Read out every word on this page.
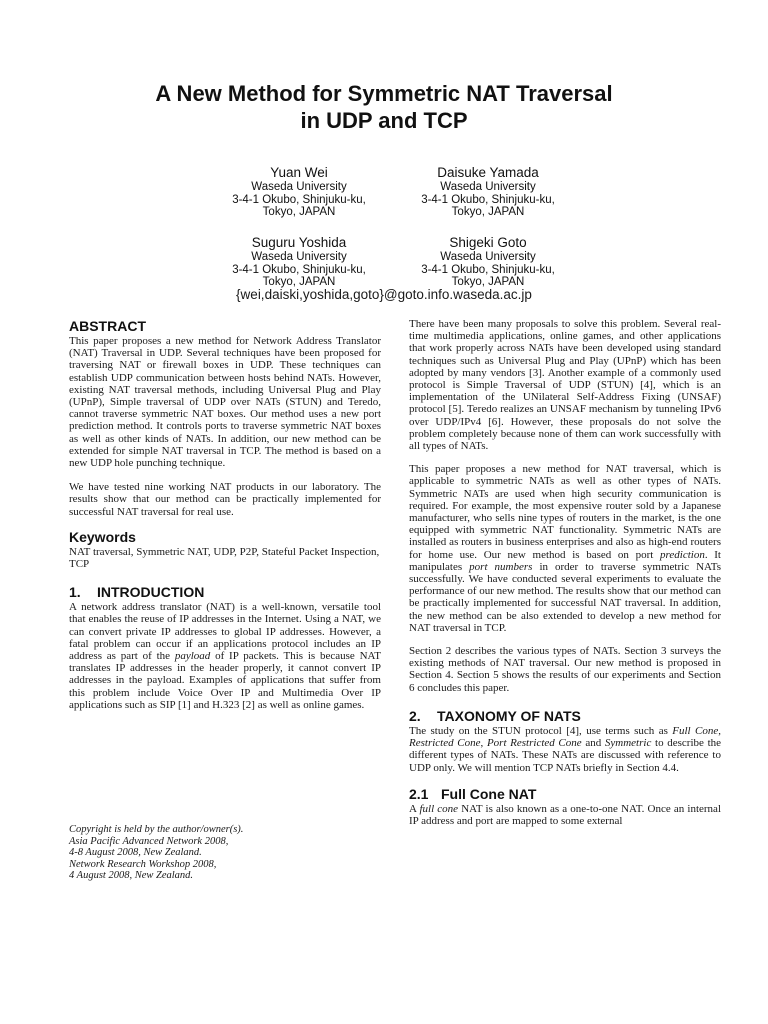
A New Method for Symmetric NAT Traversal
in UDP and TCP
Yuan Wei
Waseda University
3-4-1 Okubo, Shinjuku-ku,
Tokyo, JAPAN
Daisuke Yamada
Waseda University
3-4-1 Okubo, Shinjuku-ku,
Tokyo, JAPAN
Suguru Yoshida
Waseda University
3-4-1 Okubo, Shinjuku-ku,
Tokyo, JAPAN
Shigeki Goto
Waseda University
3-4-1 Okubo, Shinjuku-ku,
Tokyo, JAPAN
{wei,daiski,yoshida,goto}@goto.info.waseda.ac.jp
ABSTRACT

This paper proposes a new method for Network Address Translator (NAT) Traversal in UDP. Several techniques have been proposed for traversing NAT or firewall boxes in UDP. These techniques can establish UDP communication between hosts behind NATs. However, existing NAT traversal methods, including Universal Plug and Play (UPnP), Simple traversal of UDP over NATs (STUN) and Teredo, cannot traverse symmetric NAT boxes. Our method uses a new port prediction method. It controls ports to traverse symmetric NAT boxes as well as other kinds of NATs. In addition, our new method can be extended for simple NAT traversal in TCP. The method is based on a new UDP hole punching technique.

We have tested nine working NAT products in our laboratory. The results show that our method can be practically implemented for successful NAT traversal for real use.

Keywords

NAT traversal, Symmetric NAT, UDP, P2P, Stateful Packet Inspection, TCP

1. INTRODUCTION

A network address translator (NAT) is a well-known, versatile tool that enables the reuse of IP addresses in the Internet. Using a NAT, we can convert private IP addresses to global IP addresses. However, a fatal problem can occur if an applications protocol includes an IP address as part of the payload of IP packets. This is because NAT translates IP addresses in the header properly, it cannot convert IP addresses in the payload. Examples of applications that suffer from this problem include Voice Over IP and Multimedia Over IP applications such as SIP [1] and H.323 [2] as well as online games.

Copyright is held by the author/owner(s).
Asia Pacific Advanced Network 2008,
4-8 August 2008, New Zealand.
Network Research Workshop 2008,
4 August 2008, New Zealand.

There have been many proposals to solve this problem. Several real-time multimedia applications, online games, and other applications that work properly across NATs have been developed using standard techniques such as Universal Plug and Play (UPnP) which has been adopted by many vendors [3]. Another example of a commonly used protocol is Simple Traversal of UDP (STUN) [4], which is an implementation of the UNilateral Self-Address Fixing (UNSAF) protocol [5]. Teredo realizes an UNSAF mechanism by tunneling IPv6 over UDP/IPv4 [6]. However, these proposals do not solve the problem completely because none of them can work successfully with all types of NATs.

This paper proposes a new method for NAT traversal, which is applicable to symmetric NATs as well as other types of NATs. Symmetric NATs are used when high security communication is required. For example, the most expensive router sold by a Japanese manufacturer, who sells nine types of routers in the market, is the one equipped with symmetric NAT functionality. Symmetric NATs are installed as routers in business enterprises and also as high-end routers for home use. Our new method is based on port prediction. It manipulates port numbers in order to traverse symmetric NATs successfully. We have conducted several experiments to evaluate the performance of our new method. The results show that our method can be practically implemented for successful NAT traversal. In addition, the new method can be also extended to develop a new method for NAT traversal in TCP.

Section 2 describes the various types of NATs. Section 3 surveys the existing methods of NAT traversal. Our new method is proposed in Section 4. Section 5 shows the results of our experiments and Section 6 concludes this paper.

2. TAXONOMY OF NATS

The study on the STUN protocol [4], use terms such as Full Cone, Restricted Cone, Port Restricted Cone and Symmetric to describe the different types of NATs. These NATs are discussed with reference to UDP only. We will mention TCP NATs briefly in Section 4.4.

2.1 Full Cone NAT

A full cone NAT is also known as a one-to-one NAT. Once an internal IP address and port are mapped to some external
